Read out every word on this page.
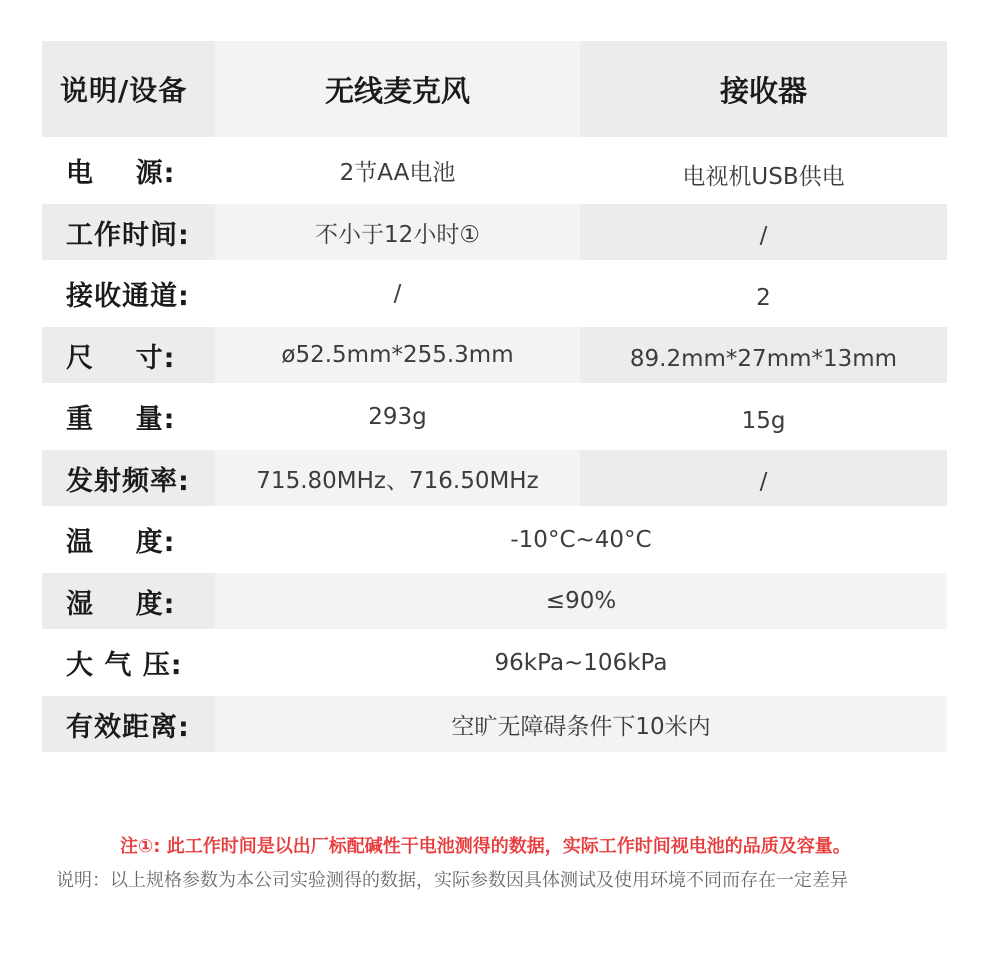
说明/设备	无线麦克风	接收器
电    源:	2节AA电池	电视机USB供电
工作时间:	不小于12小时①	/
接收通道:	/	2
尺    寸:	ø52.5mm*255.3mm	89.2mm*27mm*13mm
重    量:	293g	15g
发射频率:	715.80MHz、716.50MHz	/
温    度:	-10°C~40°C
湿    度:	≤90%
大 气 压:	96kPa~106kPa
有效距离:	空旷无障碍条件下10米内
注①: 此工作时间是以出厂标配碱性干电池测得的数据，实际工作时间视电池的品质及容量。
说明：以上规格参数为本公司实验测得的数据，实际参数因具体测试及使用环境不同而存在一定差异
